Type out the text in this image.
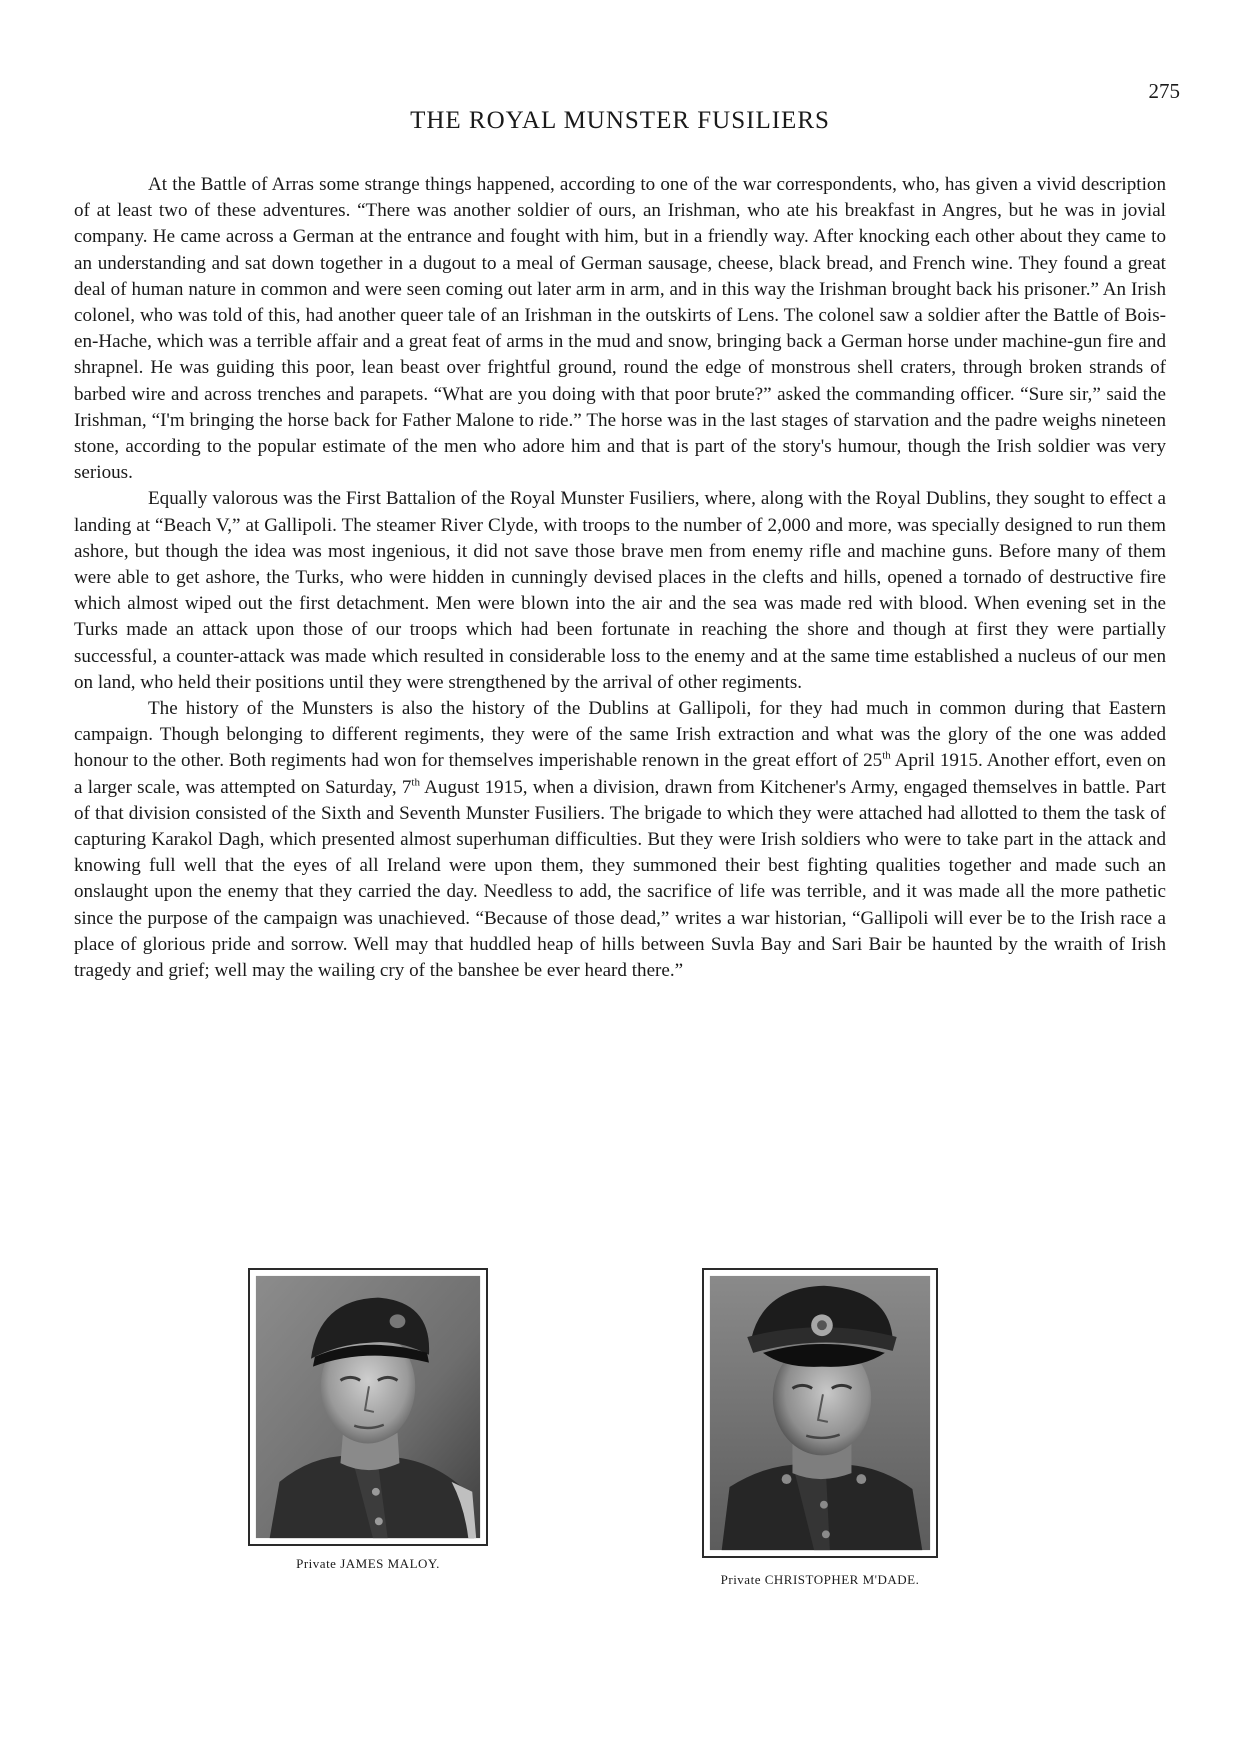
275
THE ROYAL MUNSTER FUSILIERS

At the Battle of Arras some strange things happened, according to one of the war correspondents, who, has given a vivid description of at least two of these adventures. “There was another soldier of ours, an Irishman, who ate his breakfast in Angres, but he was in jovial company. He came across a German at the entrance and fought with him, but in a friendly way. After knocking each other about they came to an understanding and sat down together in a dugout to a meal of German sausage, cheese, black bread, and French wine. They found a great deal of human nature in common and were seen coming out later arm in arm, and in this way the Irishman brought back his prisoner.” An Irish colonel, who was told of this, had another queer tale of an Irishman in the outskirts of Lens. The colonel saw a soldier after the Battle of Bois-en-Hache, which was a terrible affair and a great feat of arms in the mud and snow, bringing back a German horse under machine-gun fire and shrapnel. He was guiding this poor, lean beast over frightful ground, round the edge of monstrous shell craters, through broken strands of barbed wire and across trenches and parapets. “What are you doing with that poor brute?” asked the commanding officer. “Sure sir,” said the Irishman, “I'm bringing the horse back for Father Malone to ride.” The horse was in the last stages of starvation and the padre weighs nineteen stone, according to the popular estimate of the men who adore him and that is part of the story's humour, though the Irish soldier was very serious.

Equally valorous was the First Battalion of the Royal Munster Fusiliers, where, along with the Royal Dublins, they sought to effect a landing at “Beach V,” at Gallipoli. The steamer River Clyde, with troops to the number of 2,000 and more, was specially designed to run them ashore, but though the idea was most ingenious, it did not save those brave men from enemy rifle and machine guns. Before many of them were able to get ashore, the Turks, who were hidden in cunningly devised places in the clefts and hills, opened a tornado of destructive fire which almost wiped out the first detachment. Men were blown into the air and the sea was made red with blood. When evening set in the Turks made an attack upon those of our troops which had been fortunate in reaching the shore and though at first they were partially successful, a counter-attack was made which resulted in considerable loss to the enemy and at the same time established a nucleus of our men on land, who held their positions until they were strengthened by the arrival of other regiments.

The history of the Munsters is also the history of the Dublins at Gallipoli, for they had much in common during that Eastern campaign. Though belonging to different regiments, they were of the same Irish extraction and what was the glory of the one was added honour to the other. Both regiments had won for themselves imperishable renown in the great effort of 25th April 1915. Another effort, even on a larger scale, was attempted on Saturday, 7th August 1915, when a division, drawn from Kitchener's Army, engaged themselves in battle. Part of that division consisted of the Sixth and Seventh Munster Fusiliers. The brigade to which they were attached had allotted to them the task of capturing Karakol Dagh, which presented almost superhuman difficulties. But they were Irish soldiers who were to take part in the attack and knowing full well that the eyes of all Ireland were upon them, they summoned their best fighting qualities together and made such an onslaught upon the enemy that they carried the day. Needless to add, the sacrifice of life was terrible, and it was made all the more pathetic since the purpose of the campaign was unachieved. “Because of those dead,” writes a war historian, “Gallipoli will ever be to the Irish race a place of glorious pride and sorrow. Well may that huddled heap of hills between Suvla Bay and Sari Bair be haunted by the wraith of Irish tragedy and grief; well may the wailing cry of the banshee be ever heard there.”

Private JAMES MALOY.
Private CHRISTOPHER M'DADE.
